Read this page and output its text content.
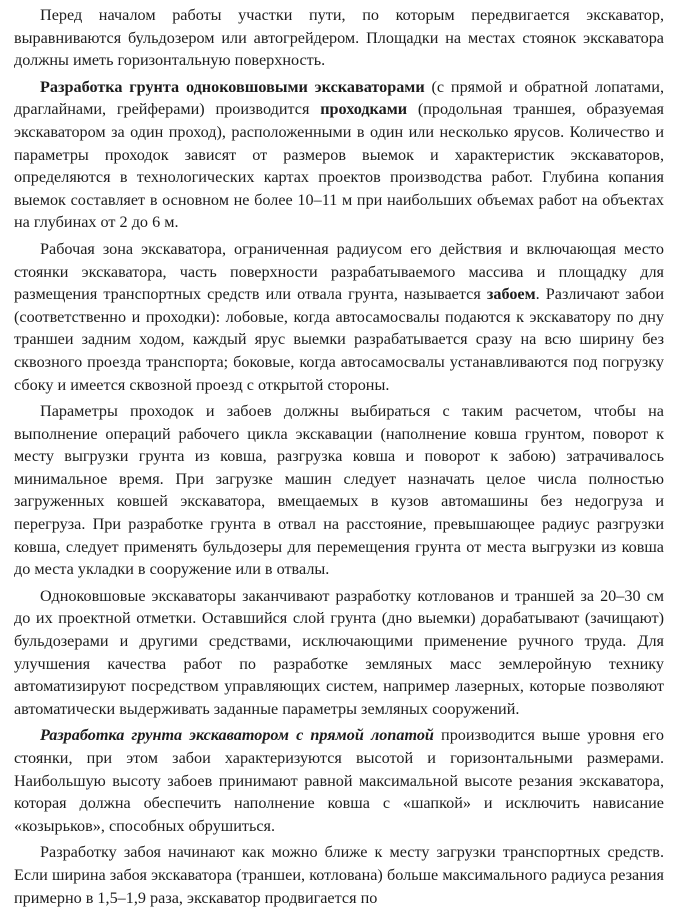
Перед началом работы участки пути, по которым передвигается экскаватор, выравниваются бульдозером или автогрейдером. Площадки на местах стоянок экскаватора должны иметь горизонтальную поверхность.

Разработка грунта одноковшовыми экскаваторами (с прямой и обратной лопатами, драглайнами, грейферами) производится проходками (продольная траншея, образуемая экскаватором за один проход), расположенными в один или несколько ярусов. Количество и параметры проходок зависят от размеров выемок и характеристик экскаваторов, определяются в технологических картах проектов производства работ. Глубина копания выемок составляет в основном не более 10–11 м при наибольших объемах работ на объектах на глубинах от 2 до 6 м.

Рабочая зона экскаватора, ограниченная радиусом его действия и включающая место стоянки экскаватора, часть поверхности разрабатываемого массива и площадку для размещения транспортных средств или отвала грунта, называется забоем. Различают забои (соответственно и проходки): лобовые, когда автосамосвалы подаются к экскаватору по дну траншеи задним ходом, каждый ярус выемки разрабатывается сразу на всю ширину без сквозного проезда транспорта; боковые, когда автосамосвалы устанавливаются под погрузку сбоку и имеется сквозной проезд с открытой стороны.

Параметры проходок и забоев должны выбираться с таким расчетом, чтобы на выполнение операций рабочего цикла экскавации (наполнение ковша грунтом, поворот к месту выгрузки грунта из ковша, разгрузка ковша и поворот к забою) затрачивалось минимальное время. При загрузке машин следует назначать целое числа полностью загруженных ковшей экскаватора, вмещаемых в кузов автомашины без недогруза и перегруза. При разработке грунта в отвал на расстояние, превышающее радиус разгрузки ковша, следует применять бульдозеры для перемещения грунта от места выгрузки из ковша до места укладки в сооружение или в отвалы.

Одноковшовые экскаваторы заканчивают разработку котлованов и траншей за 20–30 см до их проектной отметки. Оставшийся слой грунта (дно выемки) дорабатывают (зачищают) бульдозерами и другими средствами, исключающими применение ручного труда. Для улучшения качества работ по разработке земляных масс землеройную технику автоматизируют посредством управляющих систем, например лазерных, которые позволяют автоматически выдерживать заданные параметры земляных сооружений.

Разработка грунта экскаватором с прямой лопатой производится выше уровня его стоянки, при этом забои характеризуются высотой и горизонтальными размерами. Наибольшую высоту забоев принимают равной максимальной высоте резания экскаватора, которая должна обеспечить наполнение ковша с «шапкой» и исключить нависание «козырьков», способных обрушиться.

Разработку забоя начинают как можно ближе к месту загрузки транспортных средств. Если ширина забоя экскаватора (траншеи, котлована) больше максимального радиуса резания примерно в 1,5–1,9 раза, экскаватор продвигается по
